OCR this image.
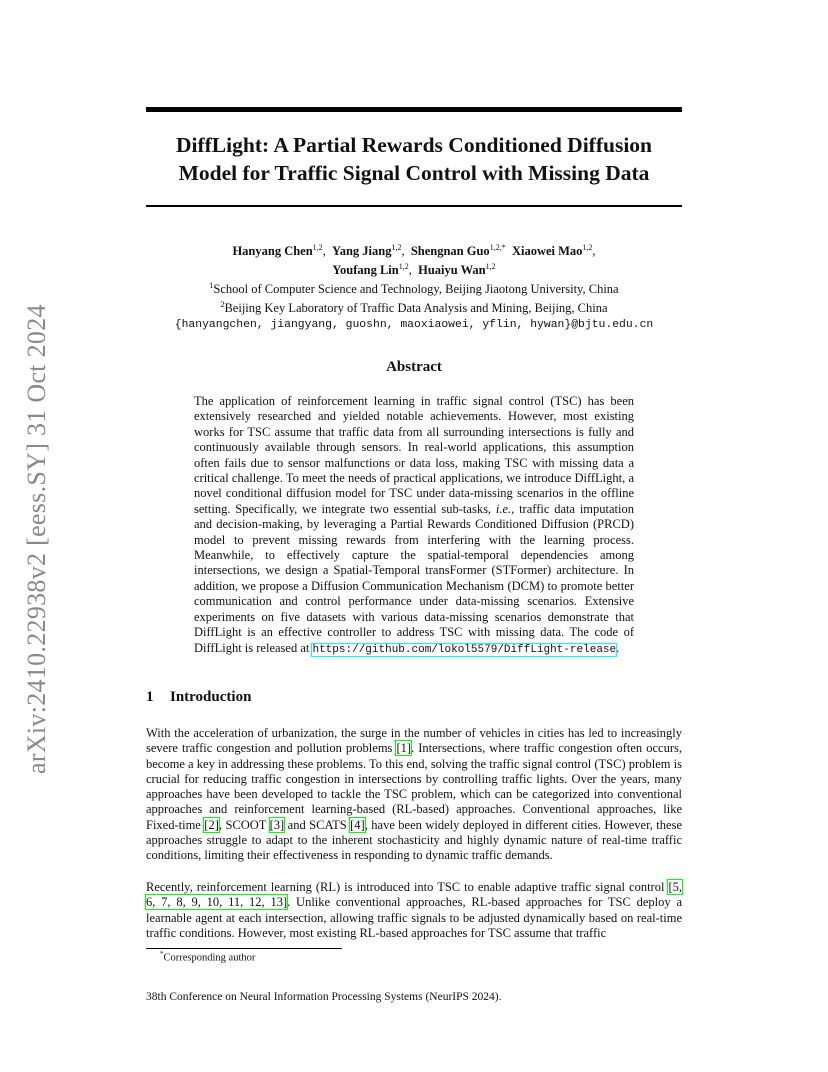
arXiv:2410.22938v2 [eess.SY] 31 Oct 2024
DiffLight: A Partial Rewards Conditioned Diffusion
Model for Traffic Signal Control with Missing Data
Hanyang Chen$^{1,2}$,  Yang Jiang$^{1,2}$,  Shengnan Guo$^{1,2,*}$ Xiaowei Mao$^{1,2}$,
Youfang Lin$^{1,2}$,  Huaiyu Wan$^{1,2}$
$^1$School of Computer Science and Technology, Beijing Jiaotong University, China
$^2$Beijing Key Laboratory of Traffic Data Analysis and Mining, Beijing, China
{hanyangchen, jiangyang, guoshn, maoxiaowei, yflin, hywan}@bjtu.edu.cn
Abstract

The application of reinforcement learning in traffic signal control (TSC) has been extensively researched and yielded notable achievements. However, most existing works for TSC assume that traffic data from all surrounding intersections is fully and continuously available through sensors. In real-world applications, this assumption often fails due to sensor malfunctions or data loss, making TSC with missing data a critical challenge. To meet the needs of practical applications, we introduce DiffLight, a novel conditional diffusion model for TSC under data-missing scenarios in the offline setting. Specifically, we integrate two essential sub-tasks, i.e., traffic data imputation and decision-making, by leveraging a Partial Rewards Conditioned Diffusion (PRCD) model to prevent missing rewards from interfering with the learning process. Meanwhile, to effectively capture the spatial-temporal dependencies among intersections, we design a Spatial-Temporal transFormer (STFormer) architecture. In addition, we propose a Diffusion Communication Mechanism (DCM) to promote better communication and control performance under data-missing scenarios. Extensive experiments on five datasets with various data-missing scenarios demonstrate that DiffLight is an effective controller to address TSC with missing data. The code of DiffLight is released at https://github.com/lokol5579/DiffLight-release.

1 Introduction

With the acceleration of urbanization, the surge in the number of vehicles in cities has led to increasingly severe traffic congestion and pollution problems [1]. Intersections, where traffic congestion often occurs, become a key in addressing these problems. To this end, solving the traffic signal control (TSC) problem is crucial for reducing traffic congestion in intersections by controlling traffic lights. Over the years, many approaches have been developed to tackle the TSC problem, which can be categorized into conventional approaches and reinforcement learning-based (RL-based) approaches. Conventional approaches, like Fixed-time [2], SCOOT [3] and SCATS [4], have been widely deployed in different cities. However, these approaches struggle to adapt to the inherent stochasticity and highly dynamic nature of real-time traffic conditions, limiting their effectiveness in responding to dynamic traffic demands.

Recently, reinforcement learning (RL) is introduced into TSC to enable adaptive traffic signal control [5, 6, 7, 8, 9, 10, 11, 12, 13]. Unlike conventional approaches, RL-based approaches for TSC deploy a learnable agent at each intersection, allowing traffic signals to be adjusted dynamically based on real-time traffic conditions. However, most existing RL-based approaches for TSC assume that traffic

*Corresponding author

38th Conference on Neural Information Processing Systems (NeurIPS 2024).
